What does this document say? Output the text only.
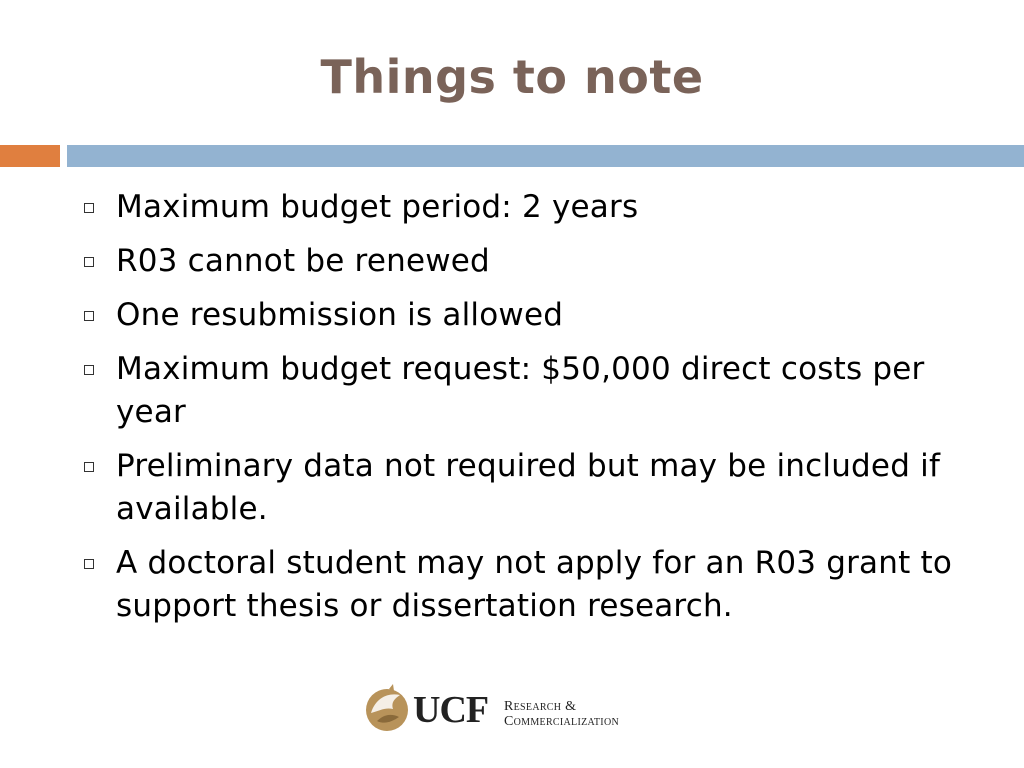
Things to note
Maximum budget period: 2 years
R03 cannot be renewed
One resubmission is allowed
Maximum budget request: $50,000 direct costs per year
Preliminary data not required but may be included if available.
A doctoral student may not apply for an R03 grant to support thesis or dissertation research.
UCF Research &
Commercialization
